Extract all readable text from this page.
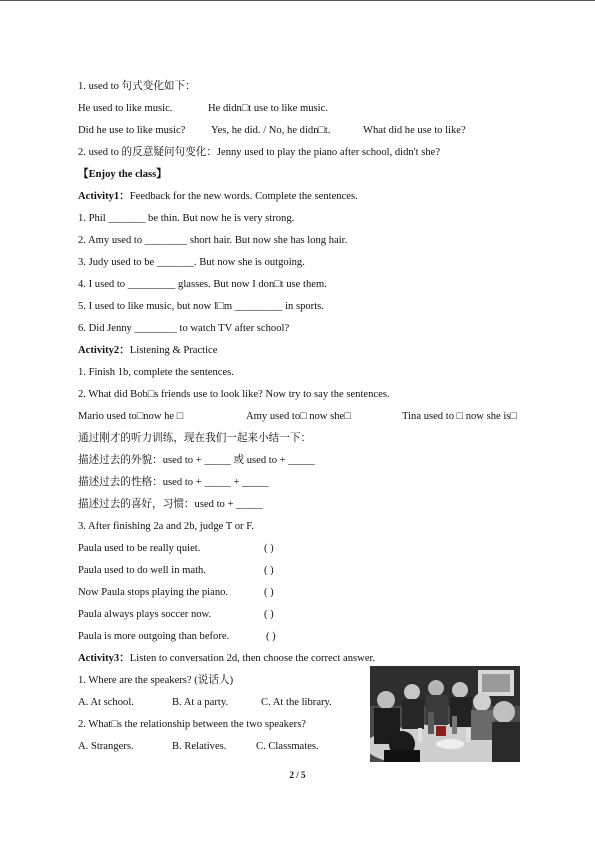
1. used to 句式变化如下：
He used to like music.	He didn□t use to like music.
Did he use to like music? Yes, he did. / No, he didn□t.	What did he use to like?
2. used to 的反意疑问句变化：Jenny used to play the piano after school, didn't she?
【Enjoy the class】
Activity1：Feedback for the new words. Complete the sentences.
1. Phil _______ be thin. But now he is very strong.
2. Amy used to ________ short hair. But now she has long hair.
3. Judy used to be _______. But now she is outgoing.
4. I used to _________ glasses. But now I don□t use them.
5. I used to like music, but now I□m _________ in sports.
6. Did Jenny ________ to watch TV after school?
Activity2：Listening & Practice
1. Finish 1b, complete the sentences.
2. What did Bob□s friends use to look like? Now try to say the sentences.
Mario used to□now he □	Amy used to□ now she□	Tina used to □ now she is□
通过刚才的听力训练，现在我们一起来小结一下：
描述过去的外貌：used to + _____ 或 used to + _____
描述过去的性格：used to + _____ + _____
描述过去的喜好，习惯：used to + _____
3. After finishing 2a and 2b, judge T or F.
Paula used to be really quiet.	( )
Paula used to do well in math.	( )
Now Paula stops playing the piano.	( )
Paula always plays soccer now.	( )
Paula is more outgoing than before.	( )
Activity3：Listen to conversation 2d, then choose the correct answer.
1. Where are the speakers? (说话人)
A. At school.	B. At a party.	C. At the library.
2. What□s the relationship between the two speakers?
A. Strangers.	B. Relatives.	C. Classmates.
2 / 5
